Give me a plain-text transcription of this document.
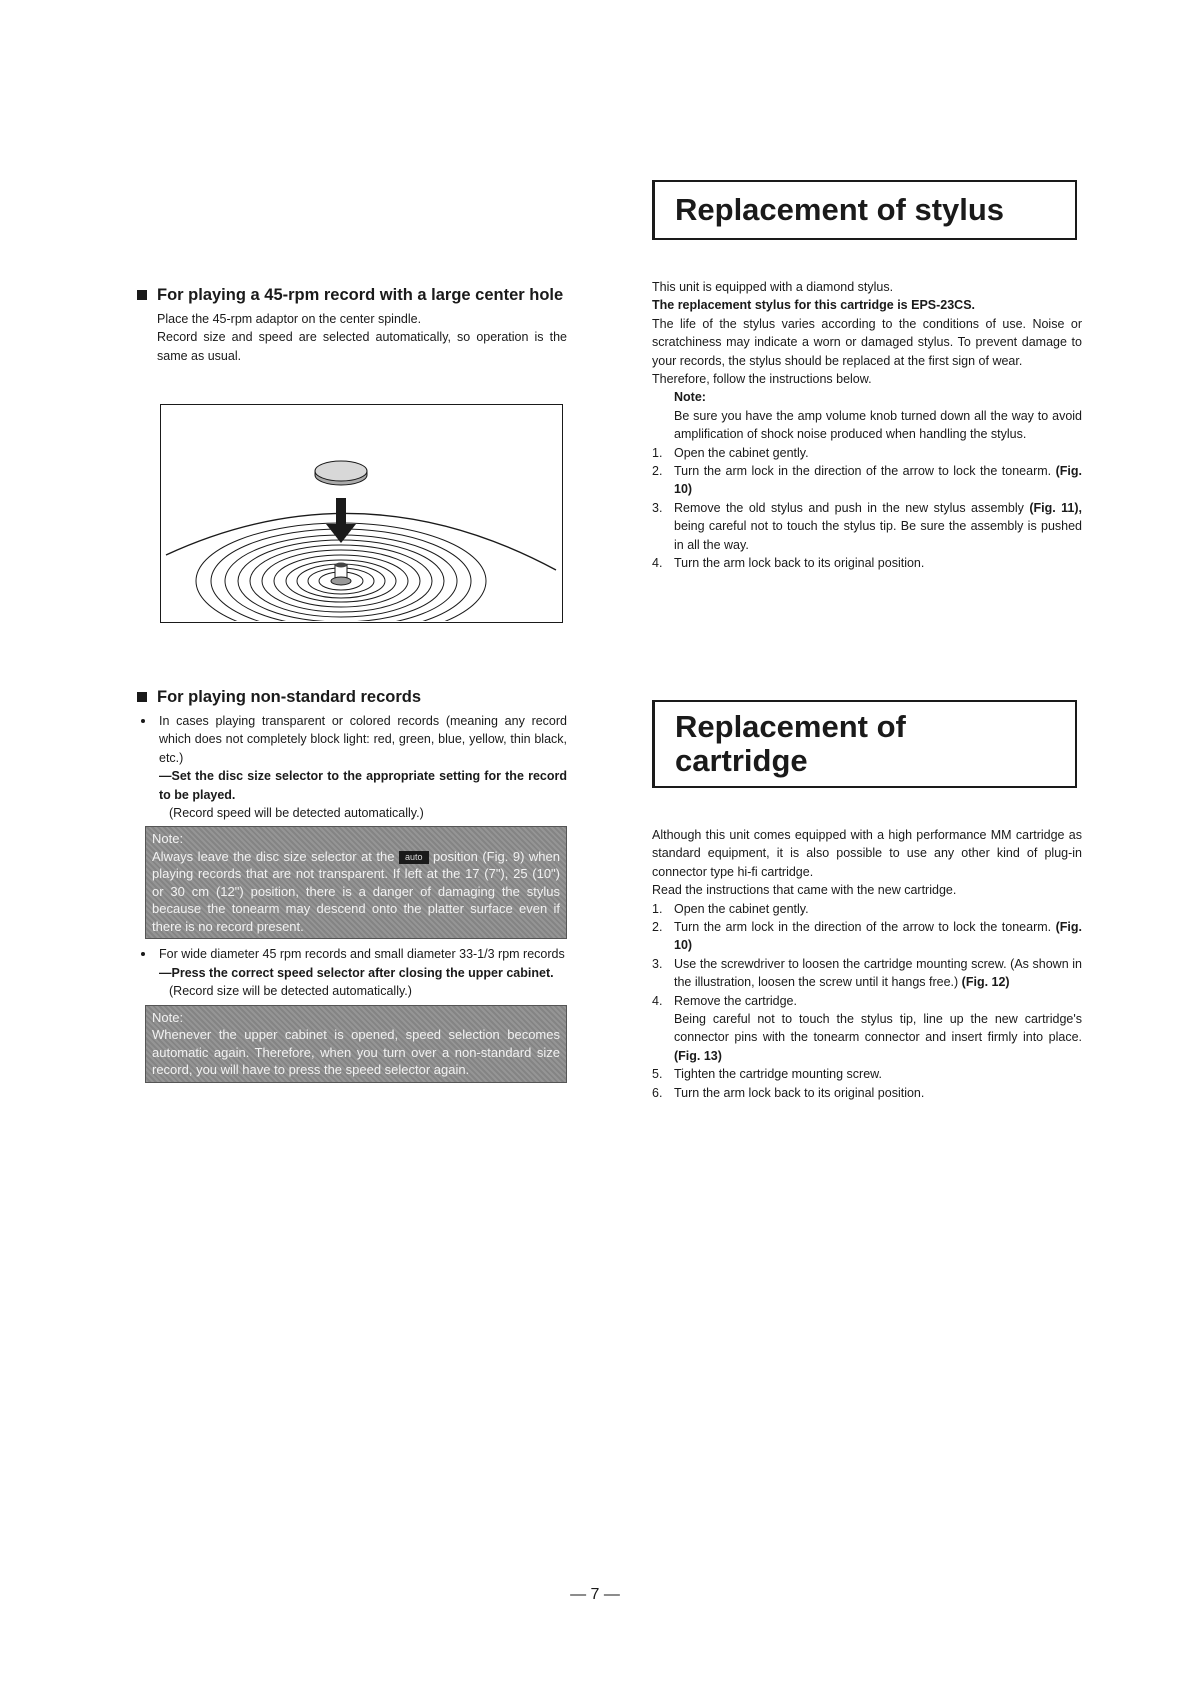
Replacement of stylus
Replacement of
cartridge
For playing a 45-rpm record with a large center hole

Place the 45-rpm adaptor on the center spindle.

Record size and speed are selected automatically, so operation is the same as usual.

For playing non-standard records

In cases playing transparent or colored records (meaning any record which does not completely block light: red, green, blue, yellow, thin black, etc.)

—Set the disc size selector to the appropriate setting for the record to be played.

(Record speed will be detected automatically.)

Note:
Always leave the disc size selector at the auto position (Fig. 9) when playing records that are not transparent. If left at the 17 (7"), 25 (10") or 30 cm (12") position, there is a danger of damaging the stylus because the tonearm may descend onto the platter surface even if there is no record present.

For wide diameter 45 rpm records and small diameter 33-1/3 rpm records

—Press the correct speed selector after closing the upper cabinet.

(Record size will be detected automatically.)

Note:
Whenever the upper cabinet is opened, speed selection becomes automatic again. Therefore, when you turn over a non-standard size record, you will have to press the speed selector again.

This unit is equipped with a diamond stylus.

The replacement stylus for this cartridge is EPS-23CS.

The life of the stylus varies according to the conditions of use. Noise or scratchiness may indicate a worn or damaged stylus. To prevent damage to your records, the stylus should be replaced at the first sign of wear.

Therefore, follow the instructions below.

Note:

Be sure you have the amp volume knob turned down all the way to avoid amplification of shock noise produced when handling the stylus.

1. Open the cabinet gently.
2. Turn the arm lock in the direction of the arrow to lock the tonearm. (Fig. 10)
3. Remove the old stylus and push in the new stylus assembly (Fig. 11), being careful not to touch the stylus tip. Be sure the assembly is pushed in all the way.
4. Turn the arm lock back to its original position.

Although this unit comes equipped with a high performance MM cartridge as standard equipment, it is also possible to use any other kind of plug-in connector type hi-fi cartridge.

Read the instructions that came with the new cartridge.

1. Open the cabinet gently.
2. Turn the arm lock in the direction of the arrow to lock the tonearm. (Fig. 10)
3. Use the screwdriver to loosen the cartridge mounting screw. (As shown in the illustration, loosen the screw until it hangs free.) (Fig. 12)
4. Remove the cartridge.
Being careful not to touch the stylus tip, line up the new cartridge's connector pins with the tonearm connector and insert firmly into place. (Fig. 13)
5. Tighten the cartridge mounting screw.
6. Turn the arm lock back to its original position.
— 7 —
